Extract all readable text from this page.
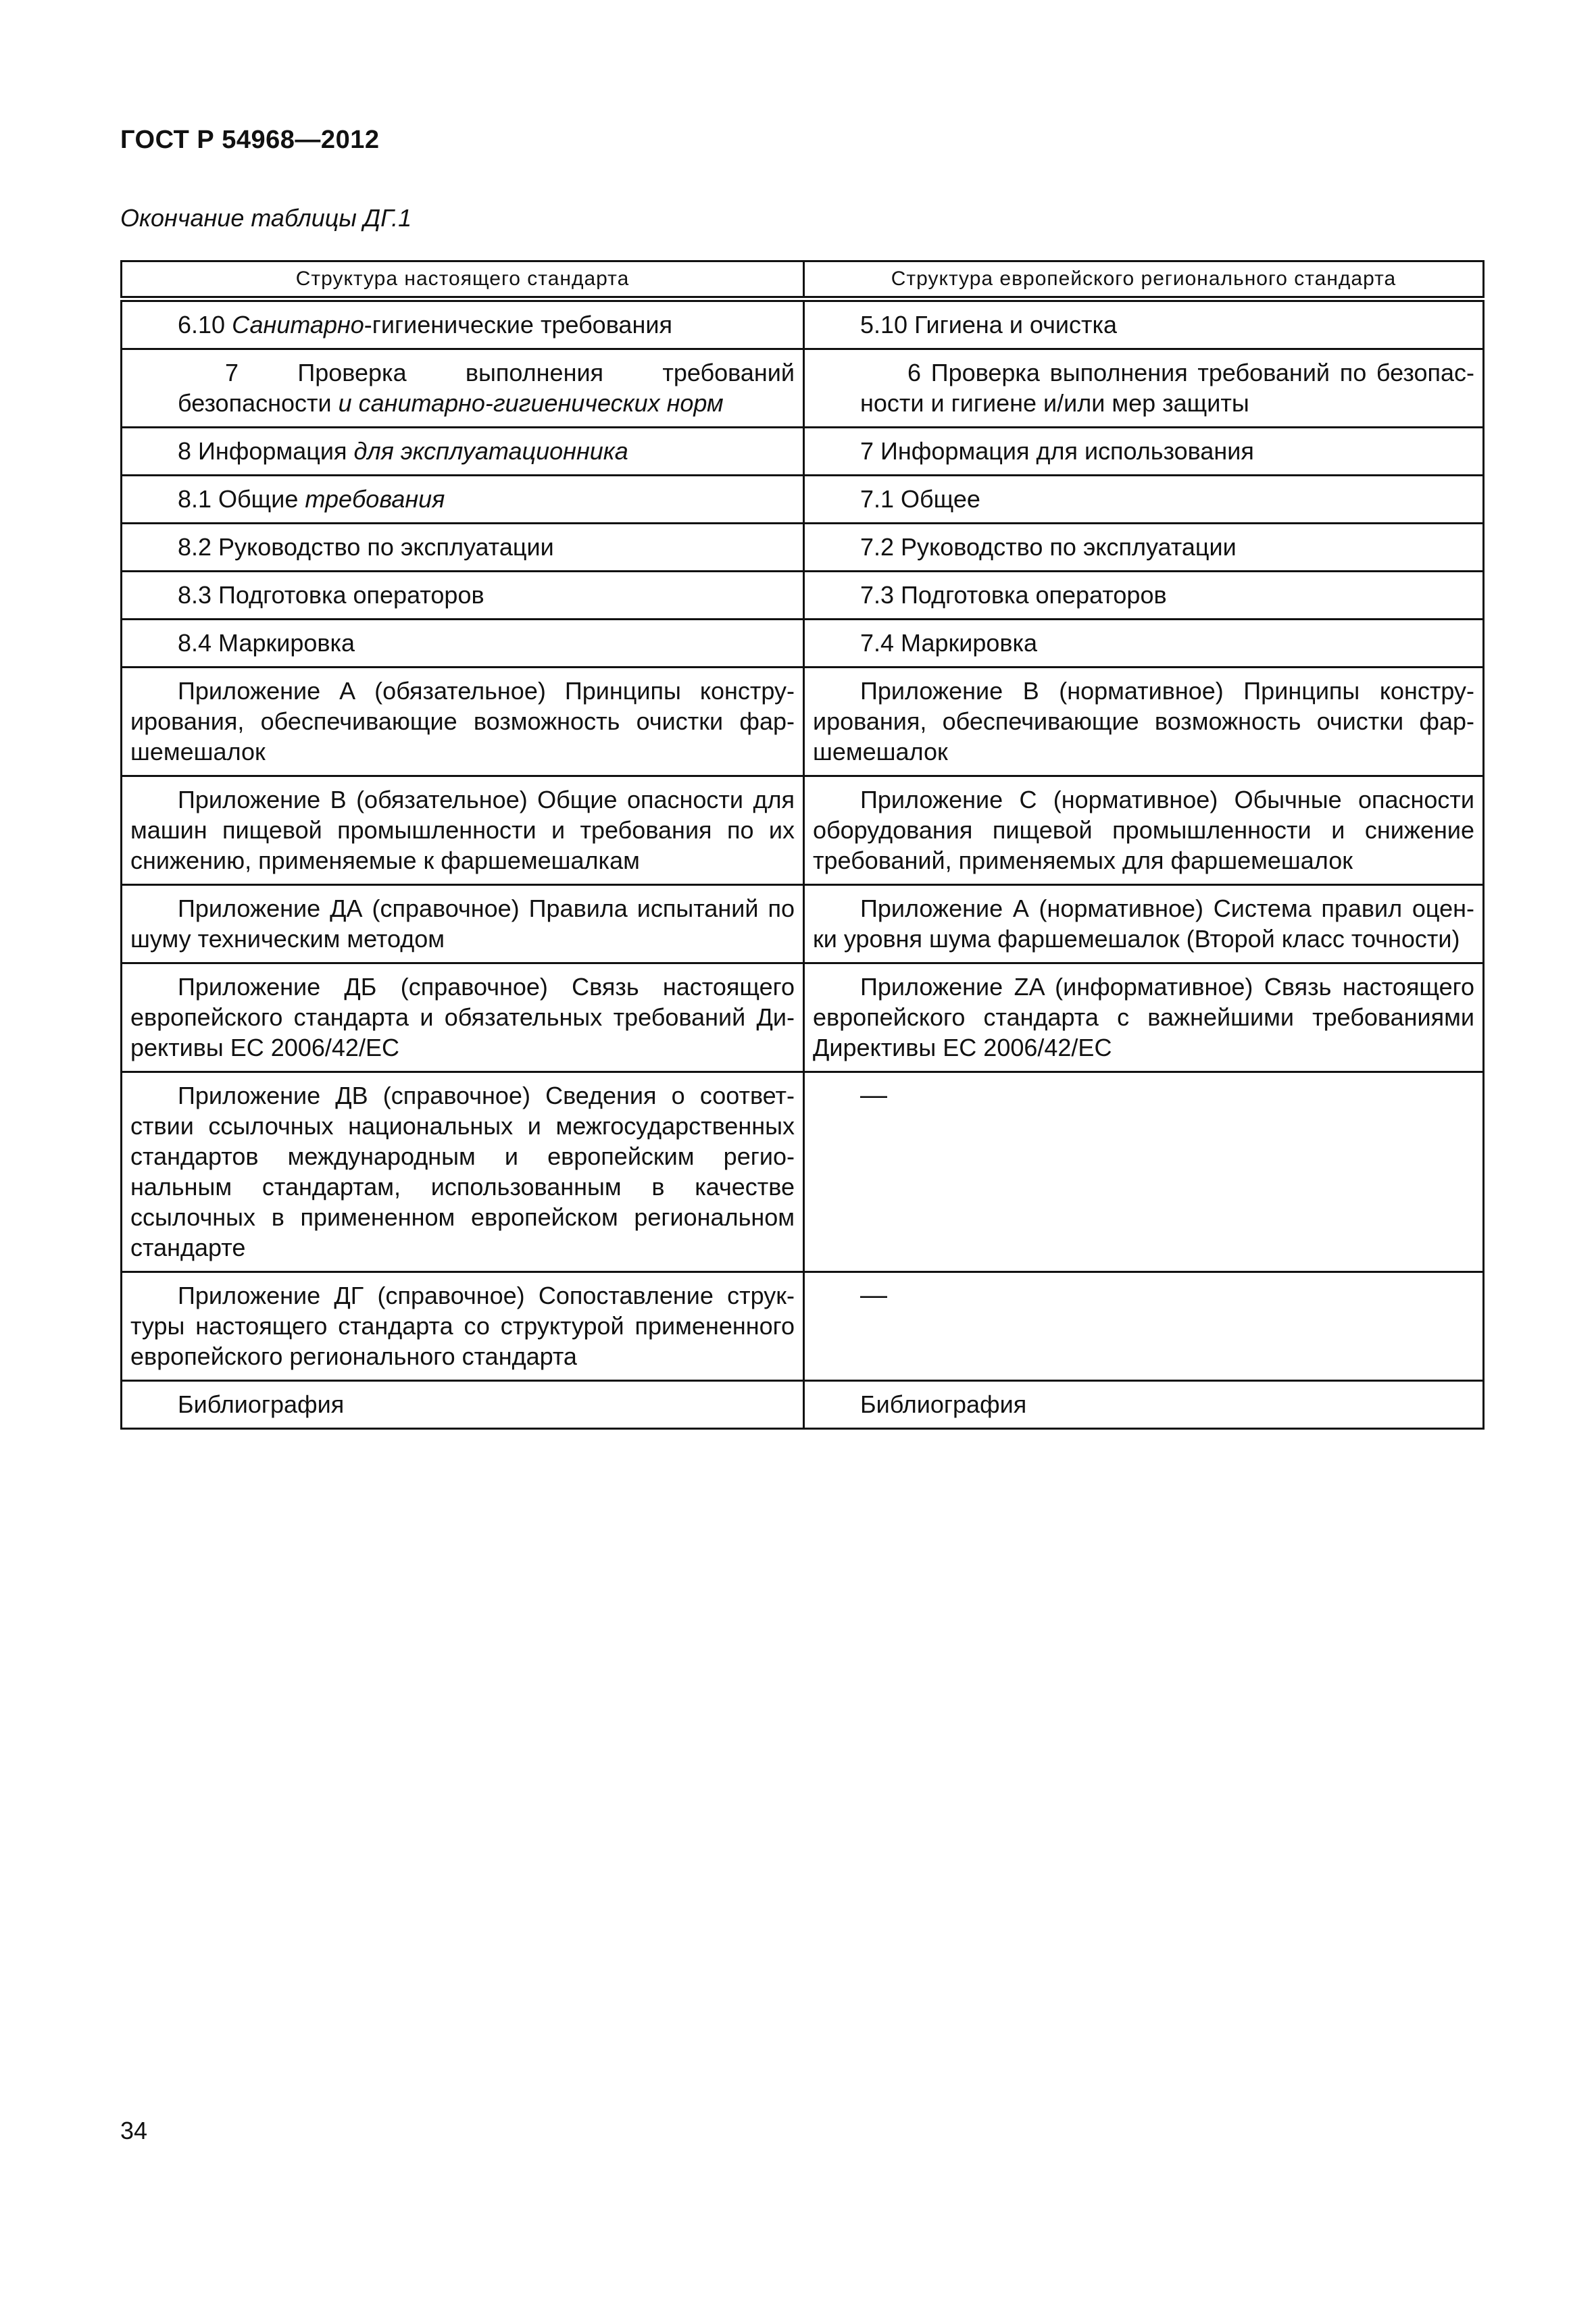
ГОСТ Р 54968—2012
Окончание таблицы ДГ.1
Структура настоящего стандарта	Структура европейского регионального стандарта
6.10 Санитарно-гигиенические требования	5.10 Гигиена и очистка
7 Проверка выполнения требований безопасности и санитарно-гигиенических норм	6 Проверка выполнения требований по безопасности и гигиене и/или мер защиты
8 Информация для эксплуатационника	7 Информация для использования
8.1 Общие требования	7.1 Общее
8.2 Руководство по эксплуатации	7.2 Руководство по эксплуатации
8.3 Подготовка операторов	7.3 Подготовка операторов
8.4 Маркировка	7.4 Маркировка
Приложение А (обязательное) Принципы конструирования, обеспечивающие возможность очистки фаршемешалок	Приложение B (нормативное) Принципы конструирования, обеспечивающие возможность очистки фаршемешалок
Приложение В (обязательное) Общие опасности для машин пищевой промышленности и требования по их снижению, применяемые к фаршемешалкам	Приложение C (нормативное) Обычные опасности оборудования пищевой промышленности и снижение требований, применяемых для фаршемешалок
Приложение ДА (справочное) Правила испытаний по шуму техническим методом	Приложение А (нормативное) Система правил оценки уровня шума фаршемешалок (Второй класс точности)
Приложение ДБ (справочное) Связь настоящего европейского стандарта и обязательных требований Директивы ЕС 2006/42/ЕС	Приложение ZA (информативное) Связь настоящего европейского стандарта с важнейшими требованиями Директивы ЕС 2006/42/ЕС
Приложение ДВ (справочное) Сведения о соответствии ссылочных национальных и межгосударственных стандартов международным и европейским региональным стандартам, использованным в качестве ссылочных в примененном европейском региональном стандарте	—
Приложение ДГ (справочное) Сопоставление структуры настоящего стандарта со структурой примененного европейского регионального стандарта	—
Библиография	Библиография
34
